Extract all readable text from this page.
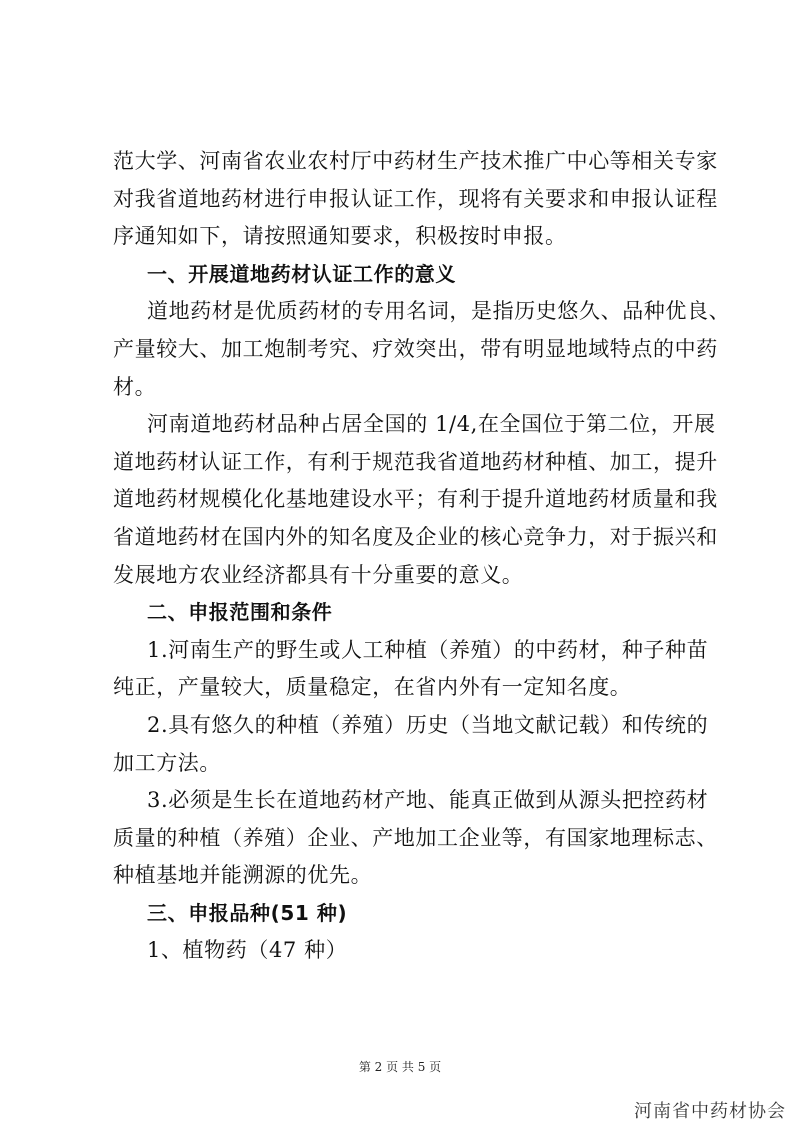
范大学、河南省农业农村厅中药材生产技术推广中心等相关专家
对我省道地药材进行申报认证工作，现将有关要求和申报认证程
序通知如下，请按照通知要求，积极按时申报。
一、开展道地药材认证工作的意义
道地药材是优质药材的专用名词，是指历史悠久、品种优良、
产量较大、加工炮制考究、疗效突出，带有明显地域特点的中药
材。
河南道地药材品种占居全国的 1/4,在全国位于第二位，开展
道地药材认证工作，有利于规范我省道地药材种植、加工，提升
道地药材规模化化基地建设水平；有利于提升道地药材质量和我
省道地药材在国内外的知名度及企业的核心竞争力，对于振兴和
发展地方农业经济都具有十分重要的意义。
二、申报范围和条件
1.河南生产的野生或人工种植（养殖）的中药材，种子种苗
纯正，产量较大，质量稳定，在省内外有一定知名度。
2.具有悠久的种植（养殖）历史（当地文献记载）和传统的
加工方法。
3.必须是生长在道地药材产地、能真正做到从源头把控药材
质量的种植（养殖）企业、产地加工企业等，有国家地理标志、
种植基地并能溯源的优先。
三、申报品种(51 种)
1、植物药（47 种）
第 2 页 共 5 页
河南省中药材协会
